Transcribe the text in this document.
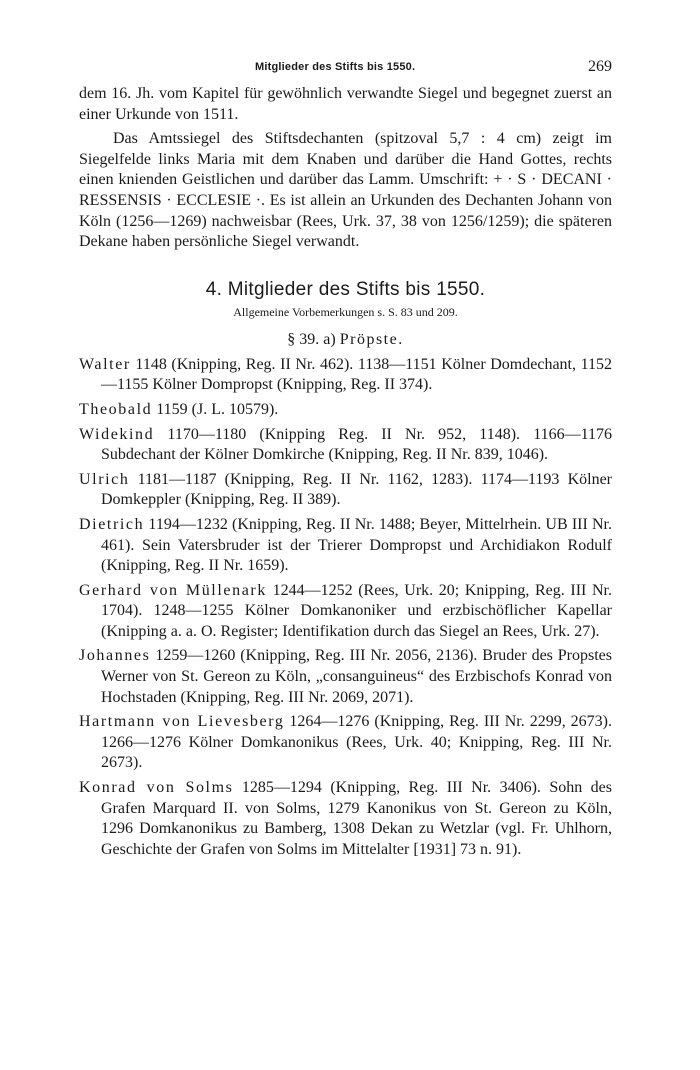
Mitglieder des Stifts bis 1550.	269

dem 16. Jh. vom Kapitel für gewöhnlich verwandte Siegel und begegnet zuerst an einer Urkunde von 1511.

Das Amtssiegel des Stiftsdechanten (spitzoval 5,7 : 4 cm) zeigt im Siegelfelde links Maria mit dem Knaben und darüber die Hand Gottes, rechts einen knienden Geistlichen und darüber das Lamm. Umschrift: + · S · DECANI · RESSENSIS · ECCLESIE ·. Es ist allein an Urkunden des Dechanten Johann von Köln (1256—1269) nachweisbar (Rees, Urk. 37, 38 von 1256/1259); die späteren Dekane haben persönliche Siegel verwandt.

4. Mitglieder des Stifts bis 1550.
Allgemeine Vorbemerkungen s. S. 83 und 209.
§ 39. a) Pröpste.

Walter 1148 (Knipping, Reg. II Nr. 462). 1138—1151 Kölner Domdechant, 1152—1155 Kölner Dompropst (Knipping, Reg. II 374).

Theobald 1159 (J. L. 10579).

Widekind 1170—1180 (Knipping Reg. II Nr. 952, 1148). 1166—1176 Subdechant der Kölner Domkirche (Knipping, Reg. II Nr. 839, 1046).

Ulrich 1181—1187 (Knipping, Reg. II Nr. 1162, 1283). 1174—1193 Kölner Domkeppler (Knipping, Reg. II 389).

Dietrich 1194—1232 (Knipping, Reg. II Nr. 1488; Beyer, Mittelrhein. UB III Nr. 461). Sein Vatersbruder ist der Trierer Dompropst und Archidiakon Rodulf (Knipping, Reg. II Nr. 1659).

Gerhard von Müllenark 1244—1252 (Rees, Urk. 20; Knipping, Reg. III Nr. 1704). 1248—1255 Kölner Domkanoniker und erzbischöflicher Kapellar (Knipping a. a. O. Register; Identifikation durch das Siegel an Rees, Urk. 27).

Johannes 1259—1260 (Knipping, Reg. III Nr. 2056, 2136). Bruder des Propstes Werner von St. Gereon zu Köln, „consanguineus“ des Erzbischofs Konrad von Hochstaden (Knipping, Reg. III Nr. 2069, 2071).

Hartmann von Lievesberg 1264—1276 (Knipping, Reg. III Nr. 2299, 2673). 1266—1276 Kölner Domkanonikus (Rees, Urk. 40; Knipping, Reg. III Nr. 2673).

Konrad von Solms 1285—1294 (Knipping, Reg. III Nr. 3406). Sohn des Grafen Marquard II. von Solms, 1279 Kanonikus von St. Gereon zu Köln, 1296 Domkanonikus zu Bamberg, 1308 Dekan zu Wetzlar (vgl. Fr. Uhlhorn, Geschichte der Grafen von Solms im Mittelalter [1931] 73 n. 91).
